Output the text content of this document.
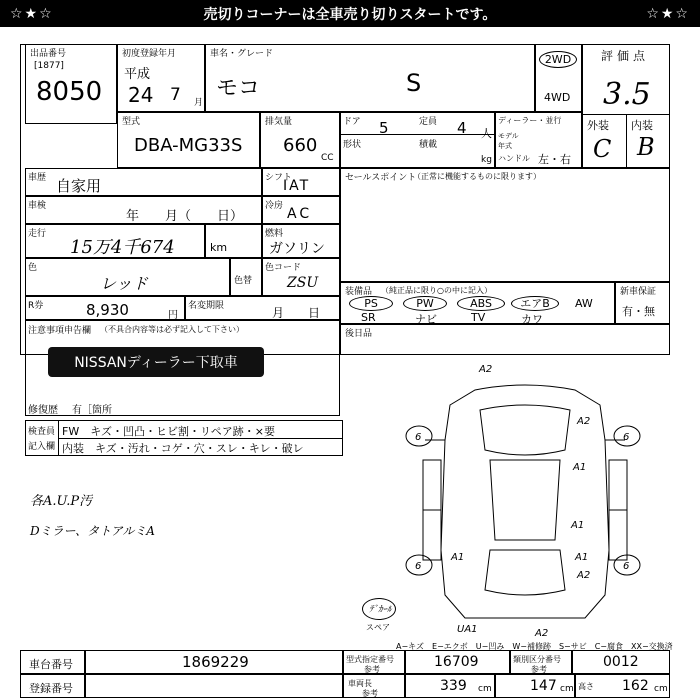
☆★☆	売切りコーナーは全車売り切りスタートです。	☆★☆
出品番号
[1877]
8050
初度登録年月
平成
24 7 月
車名・グレード
モコ	S
2WD
4WD
評価点
3.5
外装 内装
C B
型式
DBA-MG33S
排気量
660
CC
ドア 5	定員 4 人
形状	積載
kg
ディーラー・並行
モデル年式
ハンドル 左・右
車歴 自家用	シフト
IAT
車検
年　　月（　　日）
冷房 AC
走行
15万4千674	km
燃料
ガソリン
色
レッド	色替
色コード
ZSU
R券	8,930	円
名変期限	月　　日
注意事項申告欄 （不具合内容等は必ず記入して下さい）
NISSANディーラー下取車
修復歴 有［箇所
セールスポイント
（正常に機能するものに限ります）
装備品 （純正品に限り○の中に記入）
PS	PW	ABS	エアB	AW
SR	ナビ	TV	カワ
新車保証
有・無
後日品
検査員
記入欄
FW　キズ・凹凸・ヒビ割・リペア跡・×要
内装　キズ・汚れ・コゲ・穴・スレ・キレ・破レ
各A.U.P汚
Dミラー、タトアルミA
ﾃﾞｶｰﾙ
スペア
6	6
6	6
A2
A2
A1
A1
A1
A2
A1
A2
UA1
A−キズ　E−エクボ　U−凹み　W−補修跡　S−サビ　C−腐食　XX−交換済
車台番号	1869229
登録番号
型式指定番号
参考	16709	類別区分番号
参考	0012
車両長
参考	339 cm	147 cm 高さ 162 cm
